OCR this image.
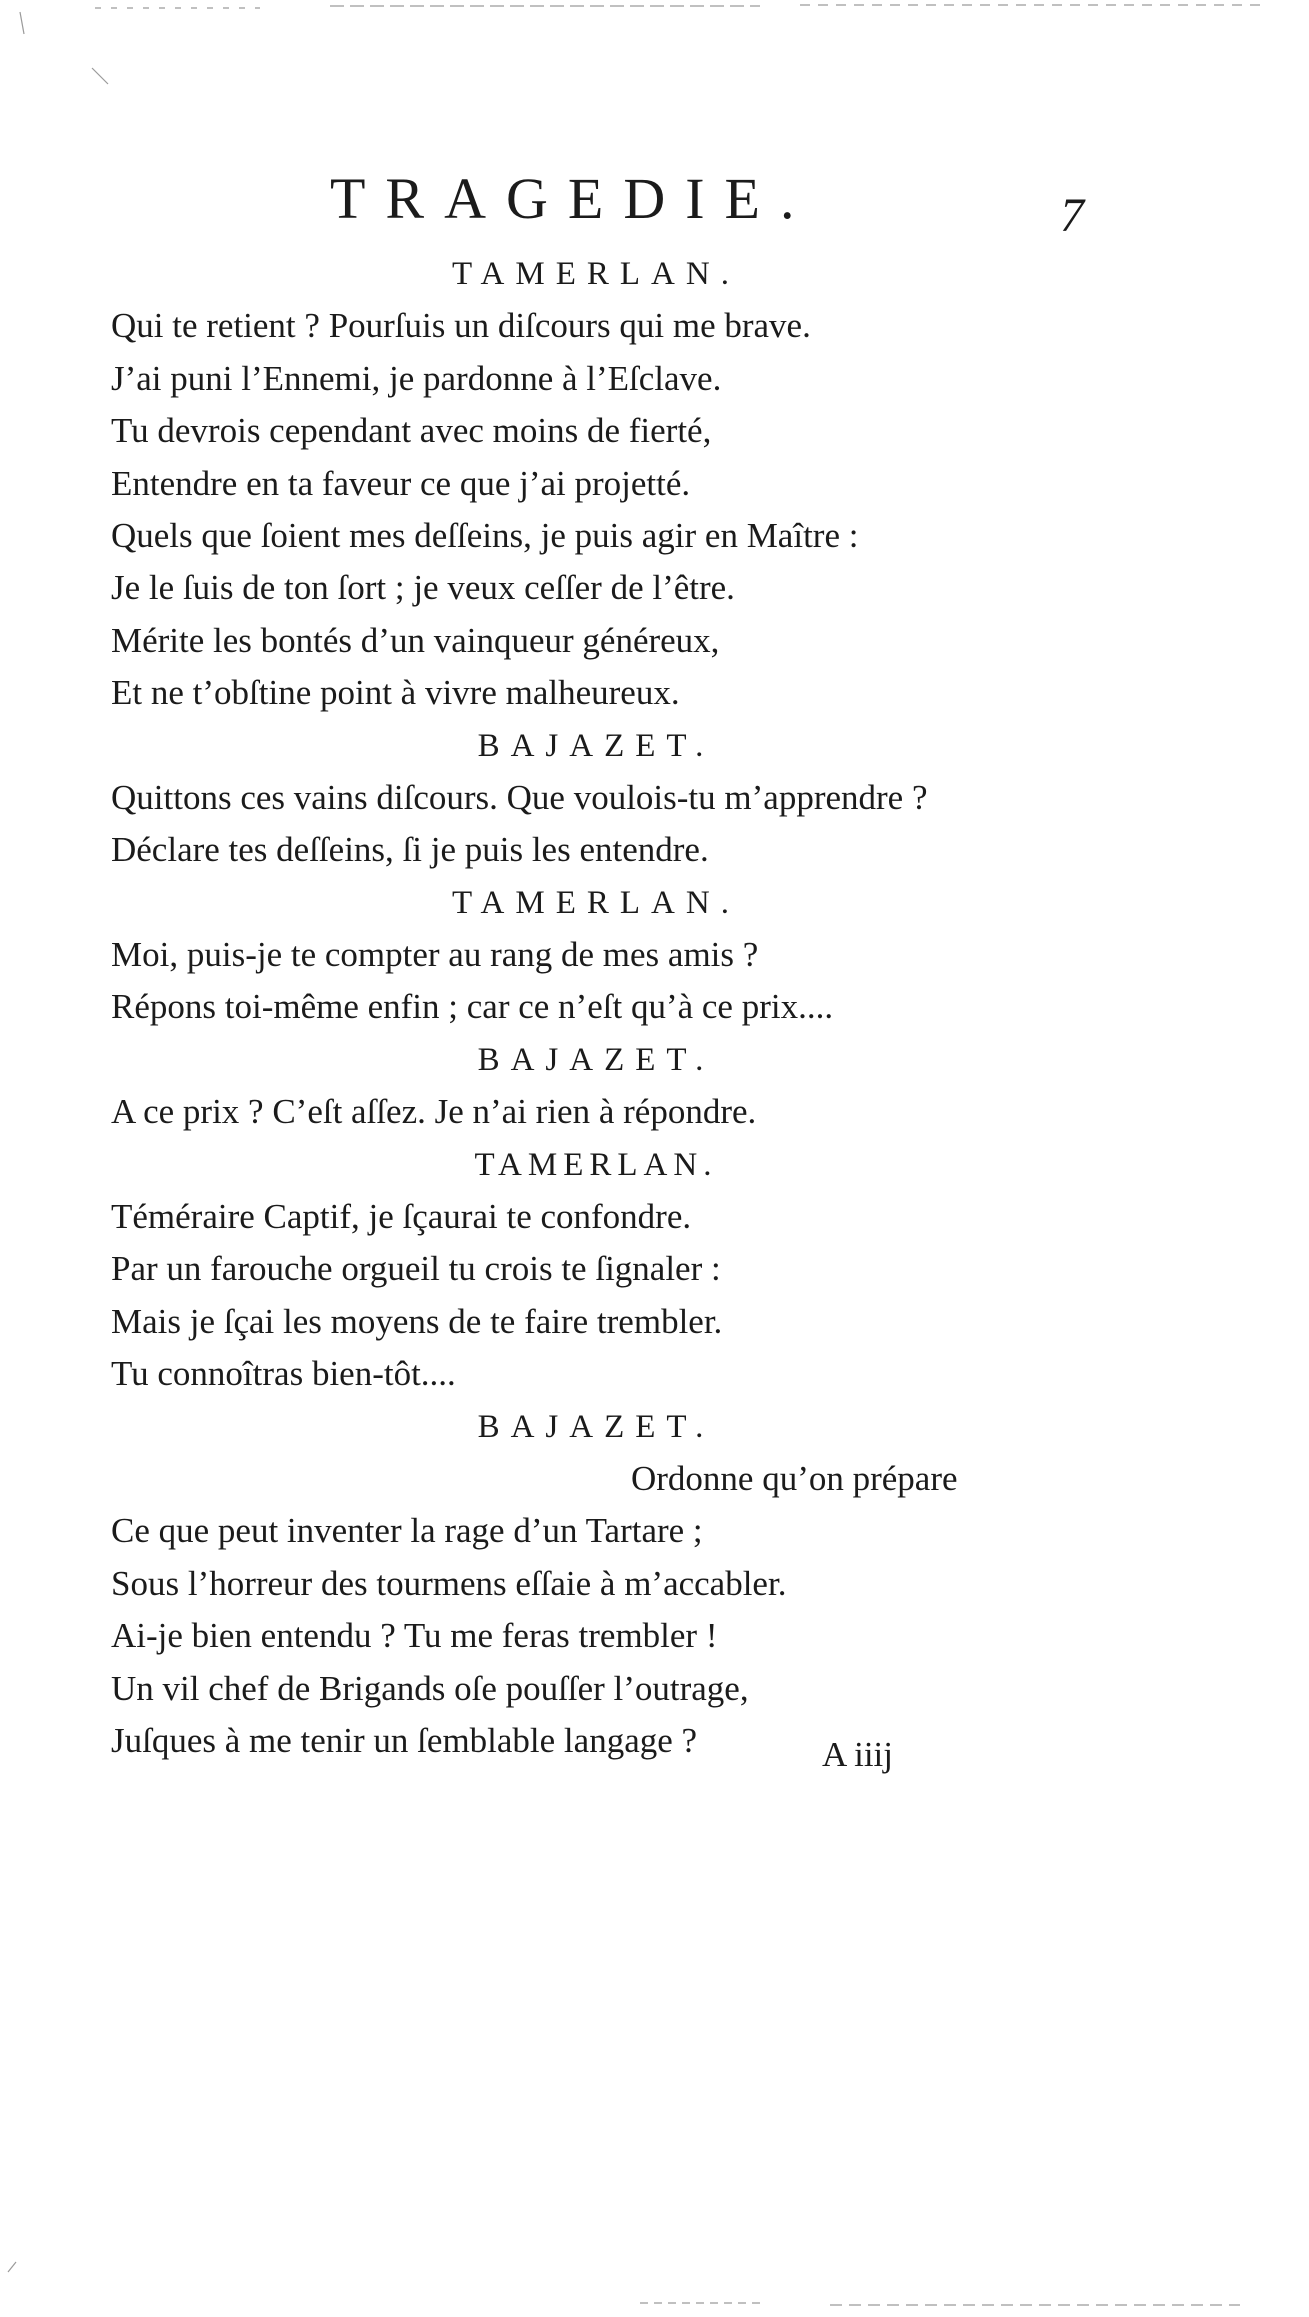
TRAGEDIE.	7
TAMERLAN.
Qui te retient ? Pourſuis un diſcours qui me brave.
J’ai puni l’Ennemi, je pardonne à l’Eſclave.
Tu devrois cependant avec moins de fierté,
Entendre en ta faveur ce que j’ai projetté.
Quels que ſoient mes deſſeins, je puis agir en Maître :
Je le ſuis de ton ſort ; je veux ceſſer de l’être.
Mérite les bontés d’un vainqueur généreux,
Et ne t’obſtine point à vivre malheureux.
BAJAZET.
Quittons ces vains diſcours. Que voulois-tu m’apprendre ?
Déclare tes deſſeins, ſi je puis les entendre.
TAMERLAN.
Moi, puis-je te compter au rang de mes amis ?
Répons toi-même enfin ; car ce n’eſt qu’à ce prix....
BAJAZET.
A ce prix ? C’eſt aſſez. Je n’ai rien à répondre.
TAMERLAN.
Téméraire Captif, je ſçaurai te confondre.
Par un farouche orgueil tu crois te ſignaler :
Mais je ſçai les moyens de te faire trembler.
Tu connoîtras bien-tôt....
BAJAZET.
Ordonne qu’on prépare
Ce que peut inventer la rage d’un Tartare ;
Sous l’horreur des tourmens eſſaie à m’accabler.
Ai-je bien entendu ? Tu me feras trembler !
Un vil chef de Brigands oſe pouſſer l’outrage,
Juſques à me tenir un ſemblable langage ?	A iiij
